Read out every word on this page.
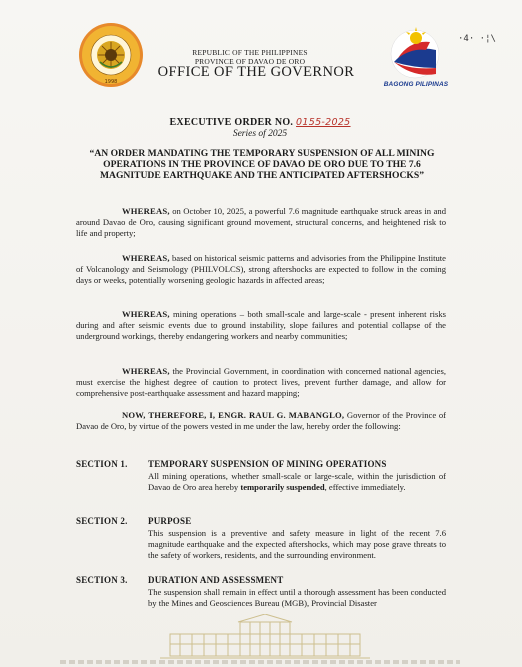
1998
REPUBLIC OF THE PHILIPPINES
PROVINCE OF DAVAO DE ORO
OFFICE OF THE GOVERNOR
BAGONG PILIPINAS
·4· ·¦\
EXECUTIVE ORDER NO. 0155-2025
Series of 2025
“AN ORDER MANDATING THE TEMPORARY SUSPENSION OF ALL MINING OPERATIONS IN THE PROVINCE OF DAVAO DE ORO DUE TO THE 7.6 MAGNITUDE EARTHQUAKE AND THE ANTICIPATED AFTERSHOCKS”

WHEREAS, on October 10, 2025, a powerful 7.6 magnitude earthquake struck areas in and around Davao de Oro, causing significant ground movement, structural concerns, and heightened risk to life and property;

WHEREAS, based on historical seismic patterns and advisories from the Philippine Institute of Volcanology and Seismology (PHILVOLCS), strong aftershocks are expected to follow in the coming days or weeks, potentially worsening geologic hazards in affected areas;

WHEREAS, mining operations – both small-scale and large-scale - present inherent risks during and after seismic events due to ground instability, slope failures and potential collapse of the underground workings, thereby endangering workers and nearby communities;

WHEREAS, the Provincial Government, in coordination with concerned national agencies, must exercise the highest degree of caution to protect lives, prevent further damage, and allow for comprehensive post-earthquake assessment and hazard mapping;

NOW, THEREFORE, I, ENGR. RAUL G. MABANGLO, Governor of the Province of Davao de Oro, by virtue of the powers vested in me under the law, hereby order the following:

SECTION 1. TEMPORARY SUSPENSION OF MINING OPERATIONS

All mining operations, whether small-scale or large-scale, within the jurisdiction of Davao de Oro area hereby temporarily suspended, effective immediately.

SECTION 2. PURPOSE

This suspension is a preventive and safety measure in light of the recent 7.6 magnitude earthquake and the expected aftershocks, which may pose grave threats to the safety of workers, residents, and the surrounding environment.

SECTION 3. DURATION AND ASSESSMENT

The suspension shall remain in effect until a thorough assessment has been conducted by the Mines and Geosciences Bureau (MGB), Provincial Disaster
